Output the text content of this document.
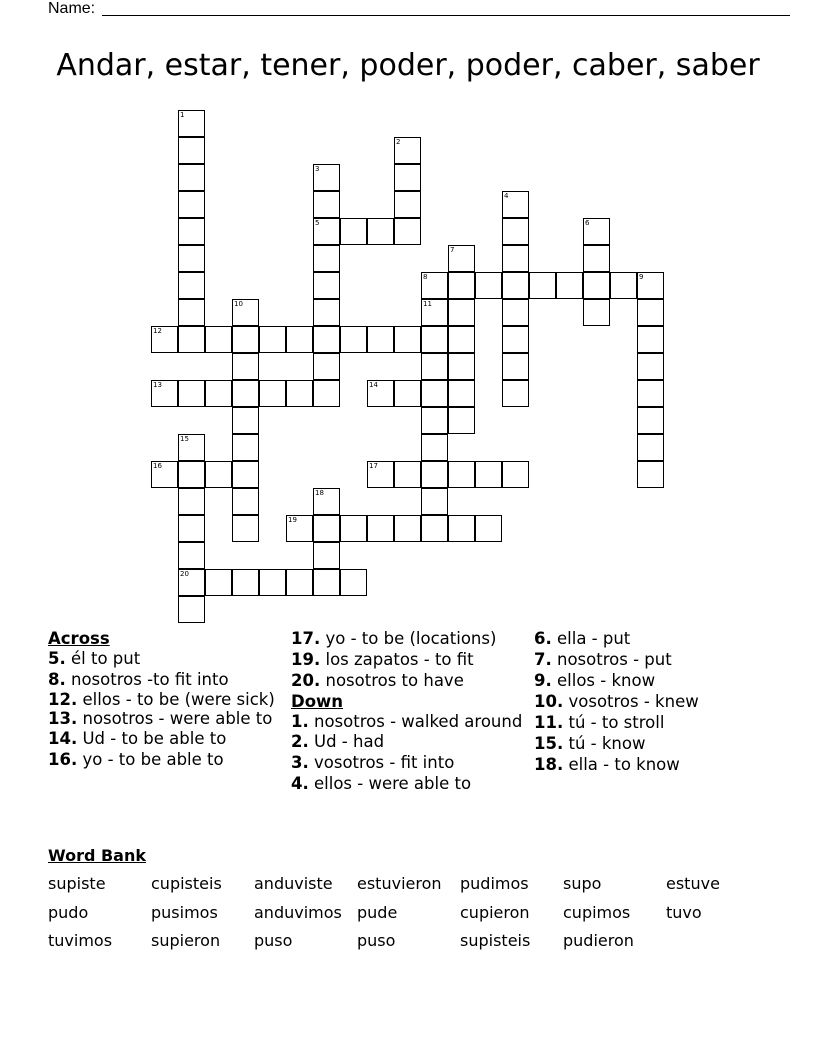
Name:
Andar, estar, tener, poder, poder, caber, saber
1
2
3
5
4
6
7
8	9
10	11
12
13	14
15
20
16	17
18
19
Across
5. él to put
8. nosotros -to fit into
12. ellos - to be (were sick)
13. nosotros - were able to
14. Ud - to be able to
16. yo - to be able to
17. yo - to be (locations)
19. los zapatos - to fit
20. nosotros to have
Down
1. nosotros - walked around
2. Ud - had
3. vosotros - fit into
4. ellos - were able to
6. ella - put
7. nosotros - put
9. ellos - know
10. vosotros - knew
11. tú - to stroll
15. tú - know
18. ella - to know
Word Bank
supiste	cupisteis anduviste estuvieron pudimos supo	estuve
pudo	pusimos anduvimos pude	cupieron cupimos tuvo
tuvimos supieron puso	puso	supisteis pudieron
